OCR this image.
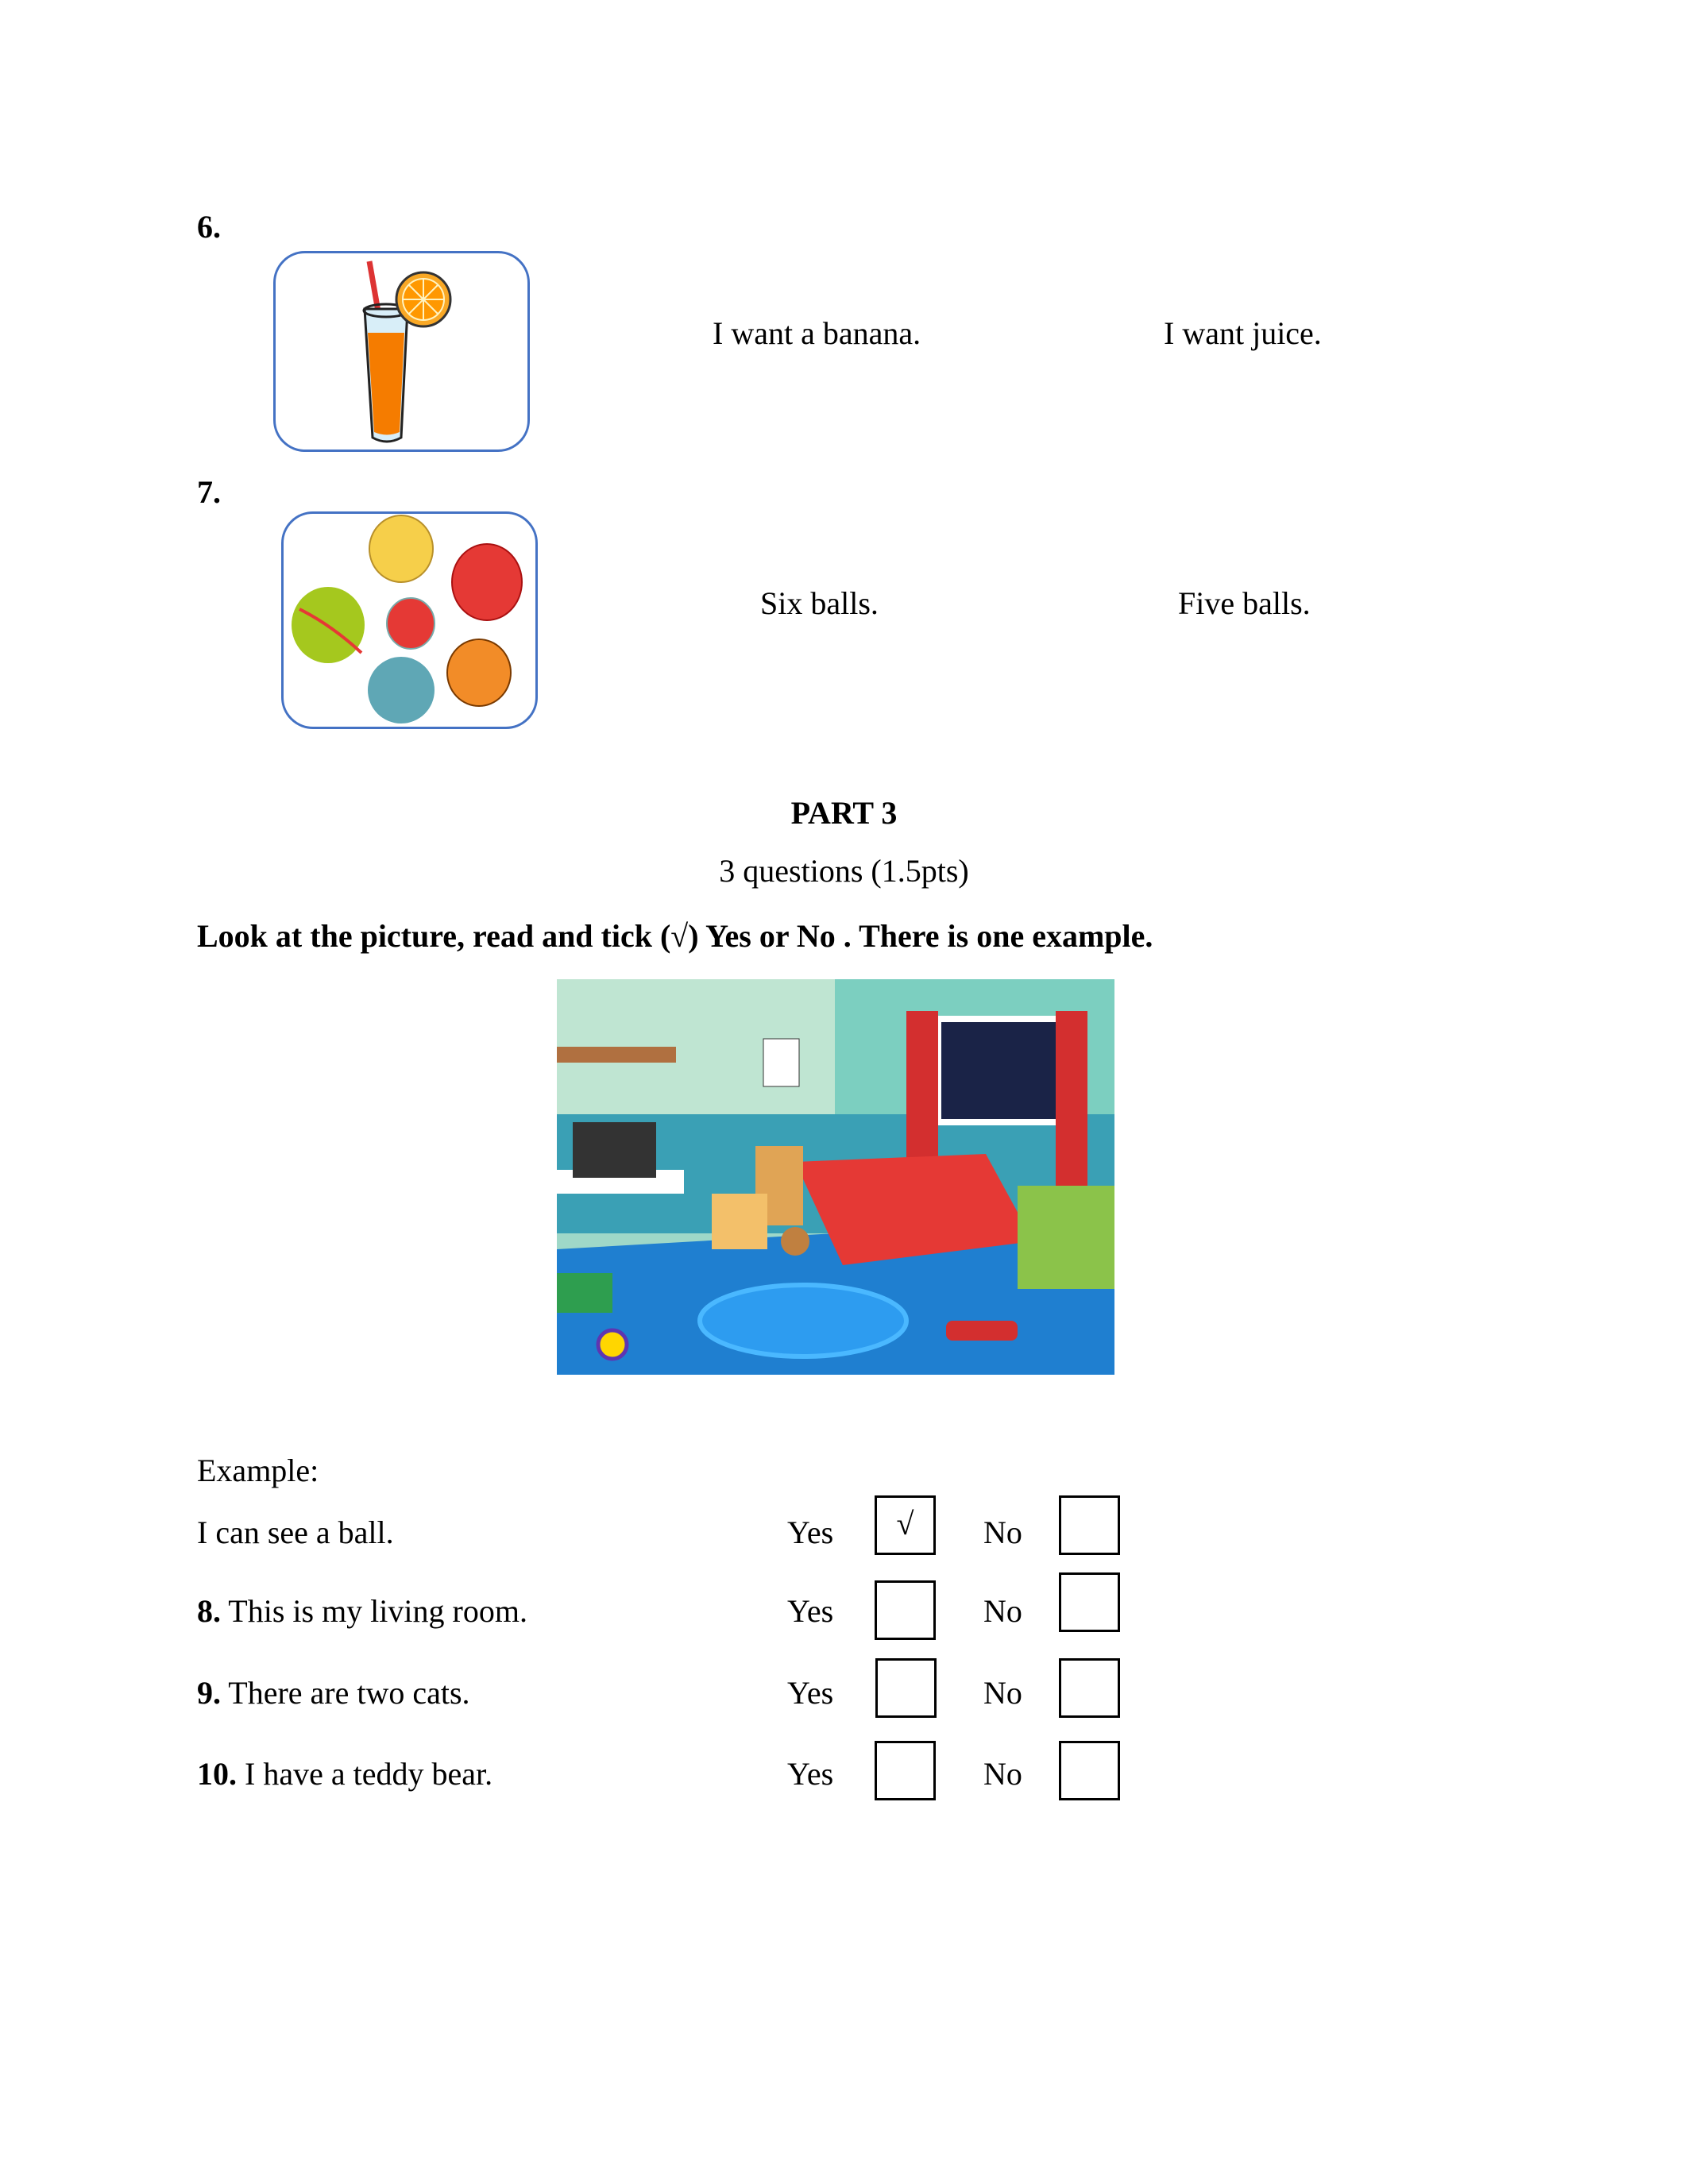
6.
I want a banana.	I want juice.
7.
Six balls.	Five balls.
PART 3
3 questions (1.5pts)
Look at the picture, read and tick (√) Yes or No . There is one example.
Example:
I can see a ball.	Yes	√	No
8. This is my living room.	Yes	No
9. There are two cats.	Yes	No
10. I have a teddy bear.	Yes	No
